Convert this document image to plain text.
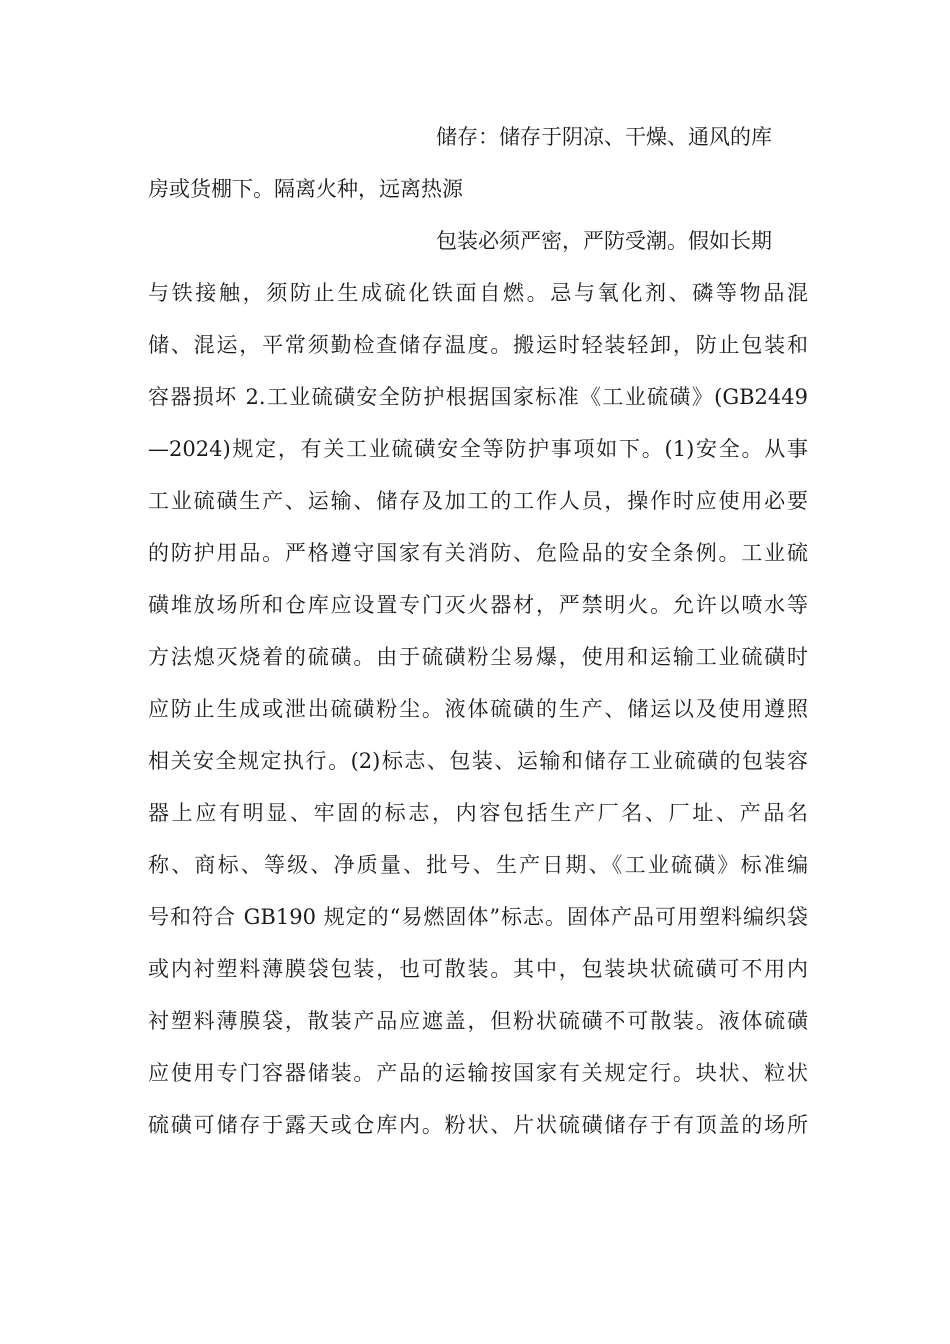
储存：储存于阴凉、干燥、通风的库
房或货棚下。隔离火种，远离热源
包装必须严密，严防受潮。假如长期
与铁接触，须防止生成硫化铁面自燃。忌与氧化剂、磷等物品混
储、混运，平常须勤检查储存温度。搬运时轻装轻卸，防止包装和
容器损坏 2.工业硫磺安全防护根据国家标准《工业硫磺》(GB2449
—2024)规定，有关工业硫磺安全等防护事项如下。(1)安全。从事
工业硫磺生产、运输、储存及加工的工作人员，操作时应使用必要
的防护用品。严格遵守国家有关消防、危险品的安全条例。工业硫
磺堆放场所和仓库应设置专门灭火器材，严禁明火。允许以喷水等
方法熄灭烧着的硫磺。由于硫磺粉尘易爆，使用和运输工业硫磺时
应防止生成或泄出硫磺粉尘。液体硫磺的生产、储运以及使用遵照
相关安全规定执行。(2)标志、包装、运输和储存工业硫磺的包装容
器上应有明显、牢固的标志，内容包括生产厂名、厂址、产品名
称、商标、等级、净质量、批号、生产日期、《工业硫磺》标准编
号和符合 GB190 规定的“易燃固体”标志。固体产品可用塑料编织袋
或内衬塑料薄膜袋包装，也可散装。其中，包装块状硫磺可不用内
衬塑料薄膜袋，散装产品应遮盖，但粉状硫磺不可散装。液体硫磺
应使用专门容器储装。产品的运输按国家有关规定行。块状、粒状
硫磺可储存于露天或仓库内。粉状、片状硫磺储存于有顶盖的场所
